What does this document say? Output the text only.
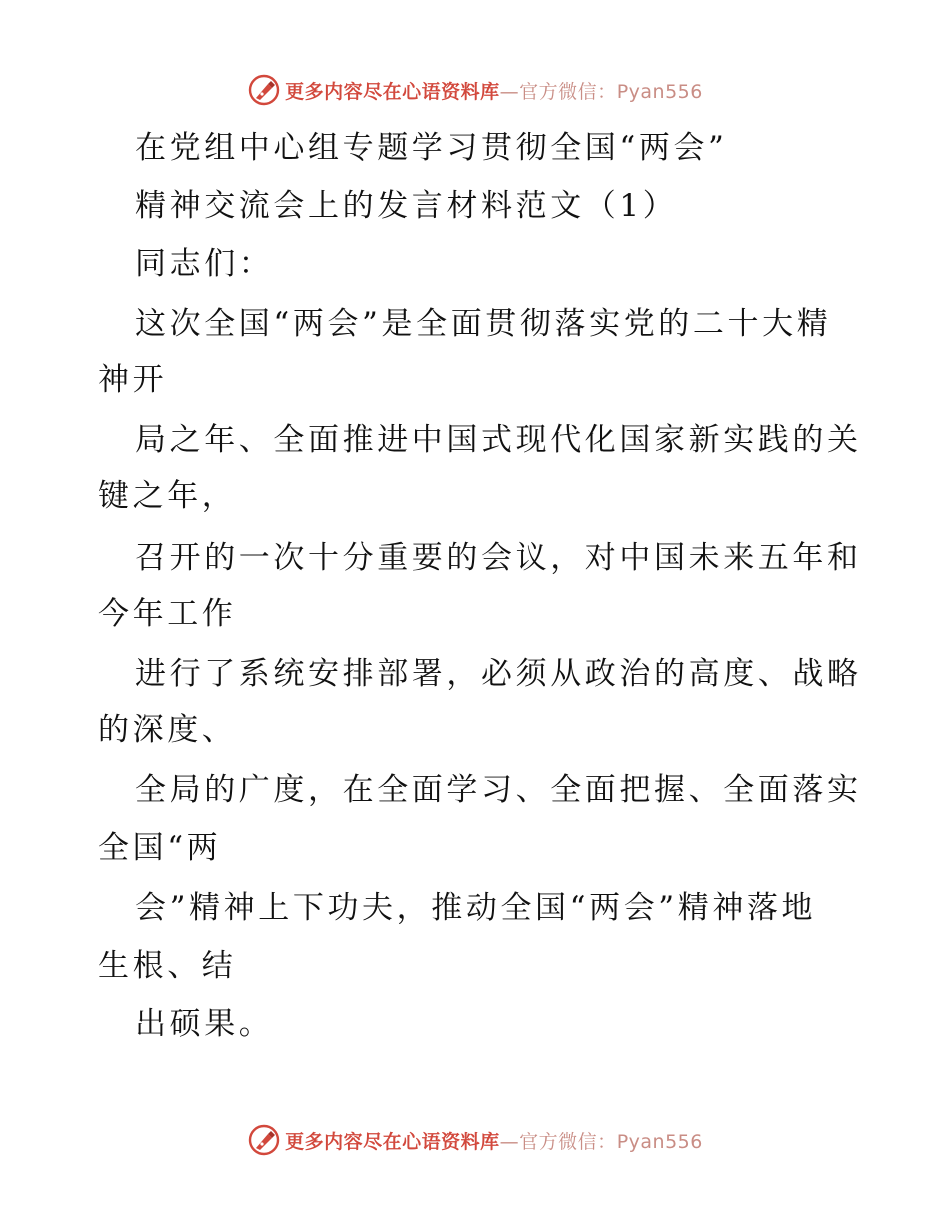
更多内容尽在心语资料库—官方微信：Pyan556
在党组中心组专题学习贯彻全国“两会”
精神交流会上的发言材料范文（1）
同志们：
这次全国“两会”是全面贯彻落实党的二十大精
神开
局之年、全面推进中国式现代化国家新实践的关
键之年，
召开的一次十分重要的会议，对中国未来五年和
今年工作
进行了系统安排部署，必须从政治的高度、战略
的深度、
全局的广度，在全面学习、全面把握、全面落实
全国“两
会”精神上下功夫，推动全国“两会”精神落地
生根、结
出硕果。
更多内容尽在心语资料库—官方微信：Pyan556
